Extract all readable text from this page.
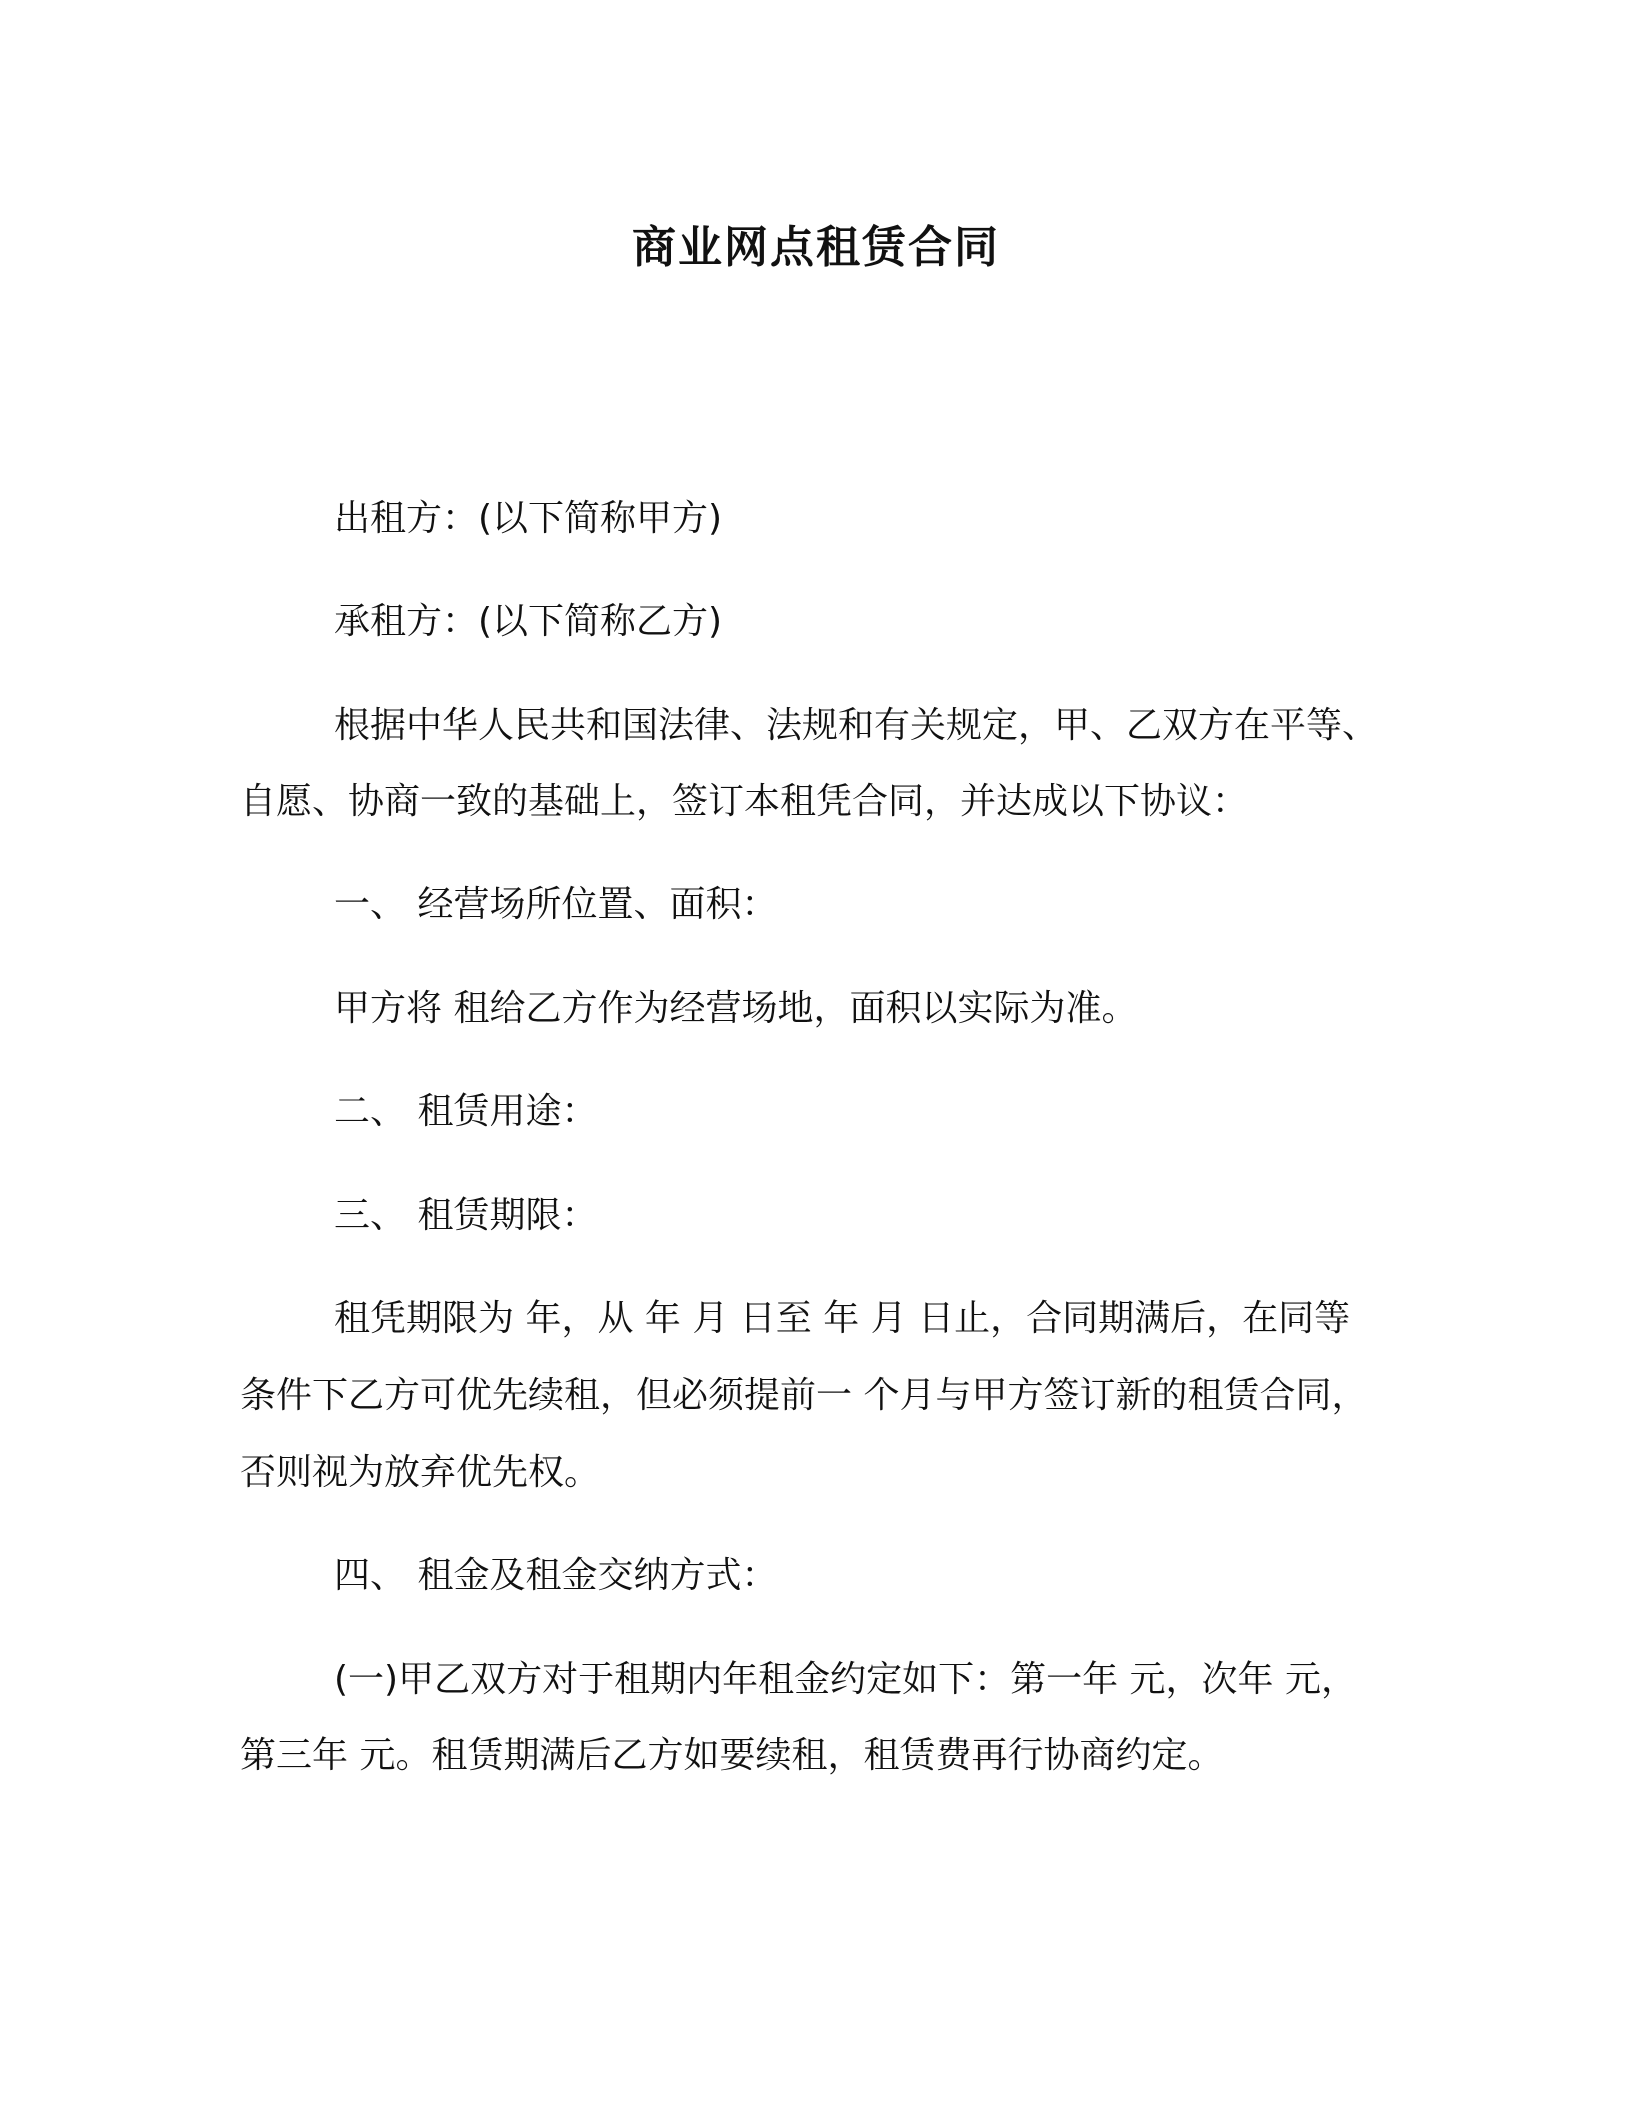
商业网点租赁合同
出租方：(以下简称甲方)
承租方：(以下简称乙方)
根据中华人民共和国法律、法规和有关规定，甲、乙双方在平等、
自愿、协商一致的基础上，签订本租凭合同，并达成以下协议：
一、 经营场所位置、面积：
甲方将 租给乙方作为经营场地，面积以实际为准。
二、 租赁用途：
三、 租赁期限：
租凭期限为 年，从 年 月 日至 年 月 日止，合同期满后，在同等
条件下乙方可优先续租，但必须提前一 个月与甲方签订新的租赁合同，
否则视为放弃优先权。
四、 租金及租金交纳方式：
(一)甲乙双方对于租期内年租金约定如下：第一年 元，次年 元，
第三年 元。租赁期满后乙方如要续租，租赁费再行协商约定。
